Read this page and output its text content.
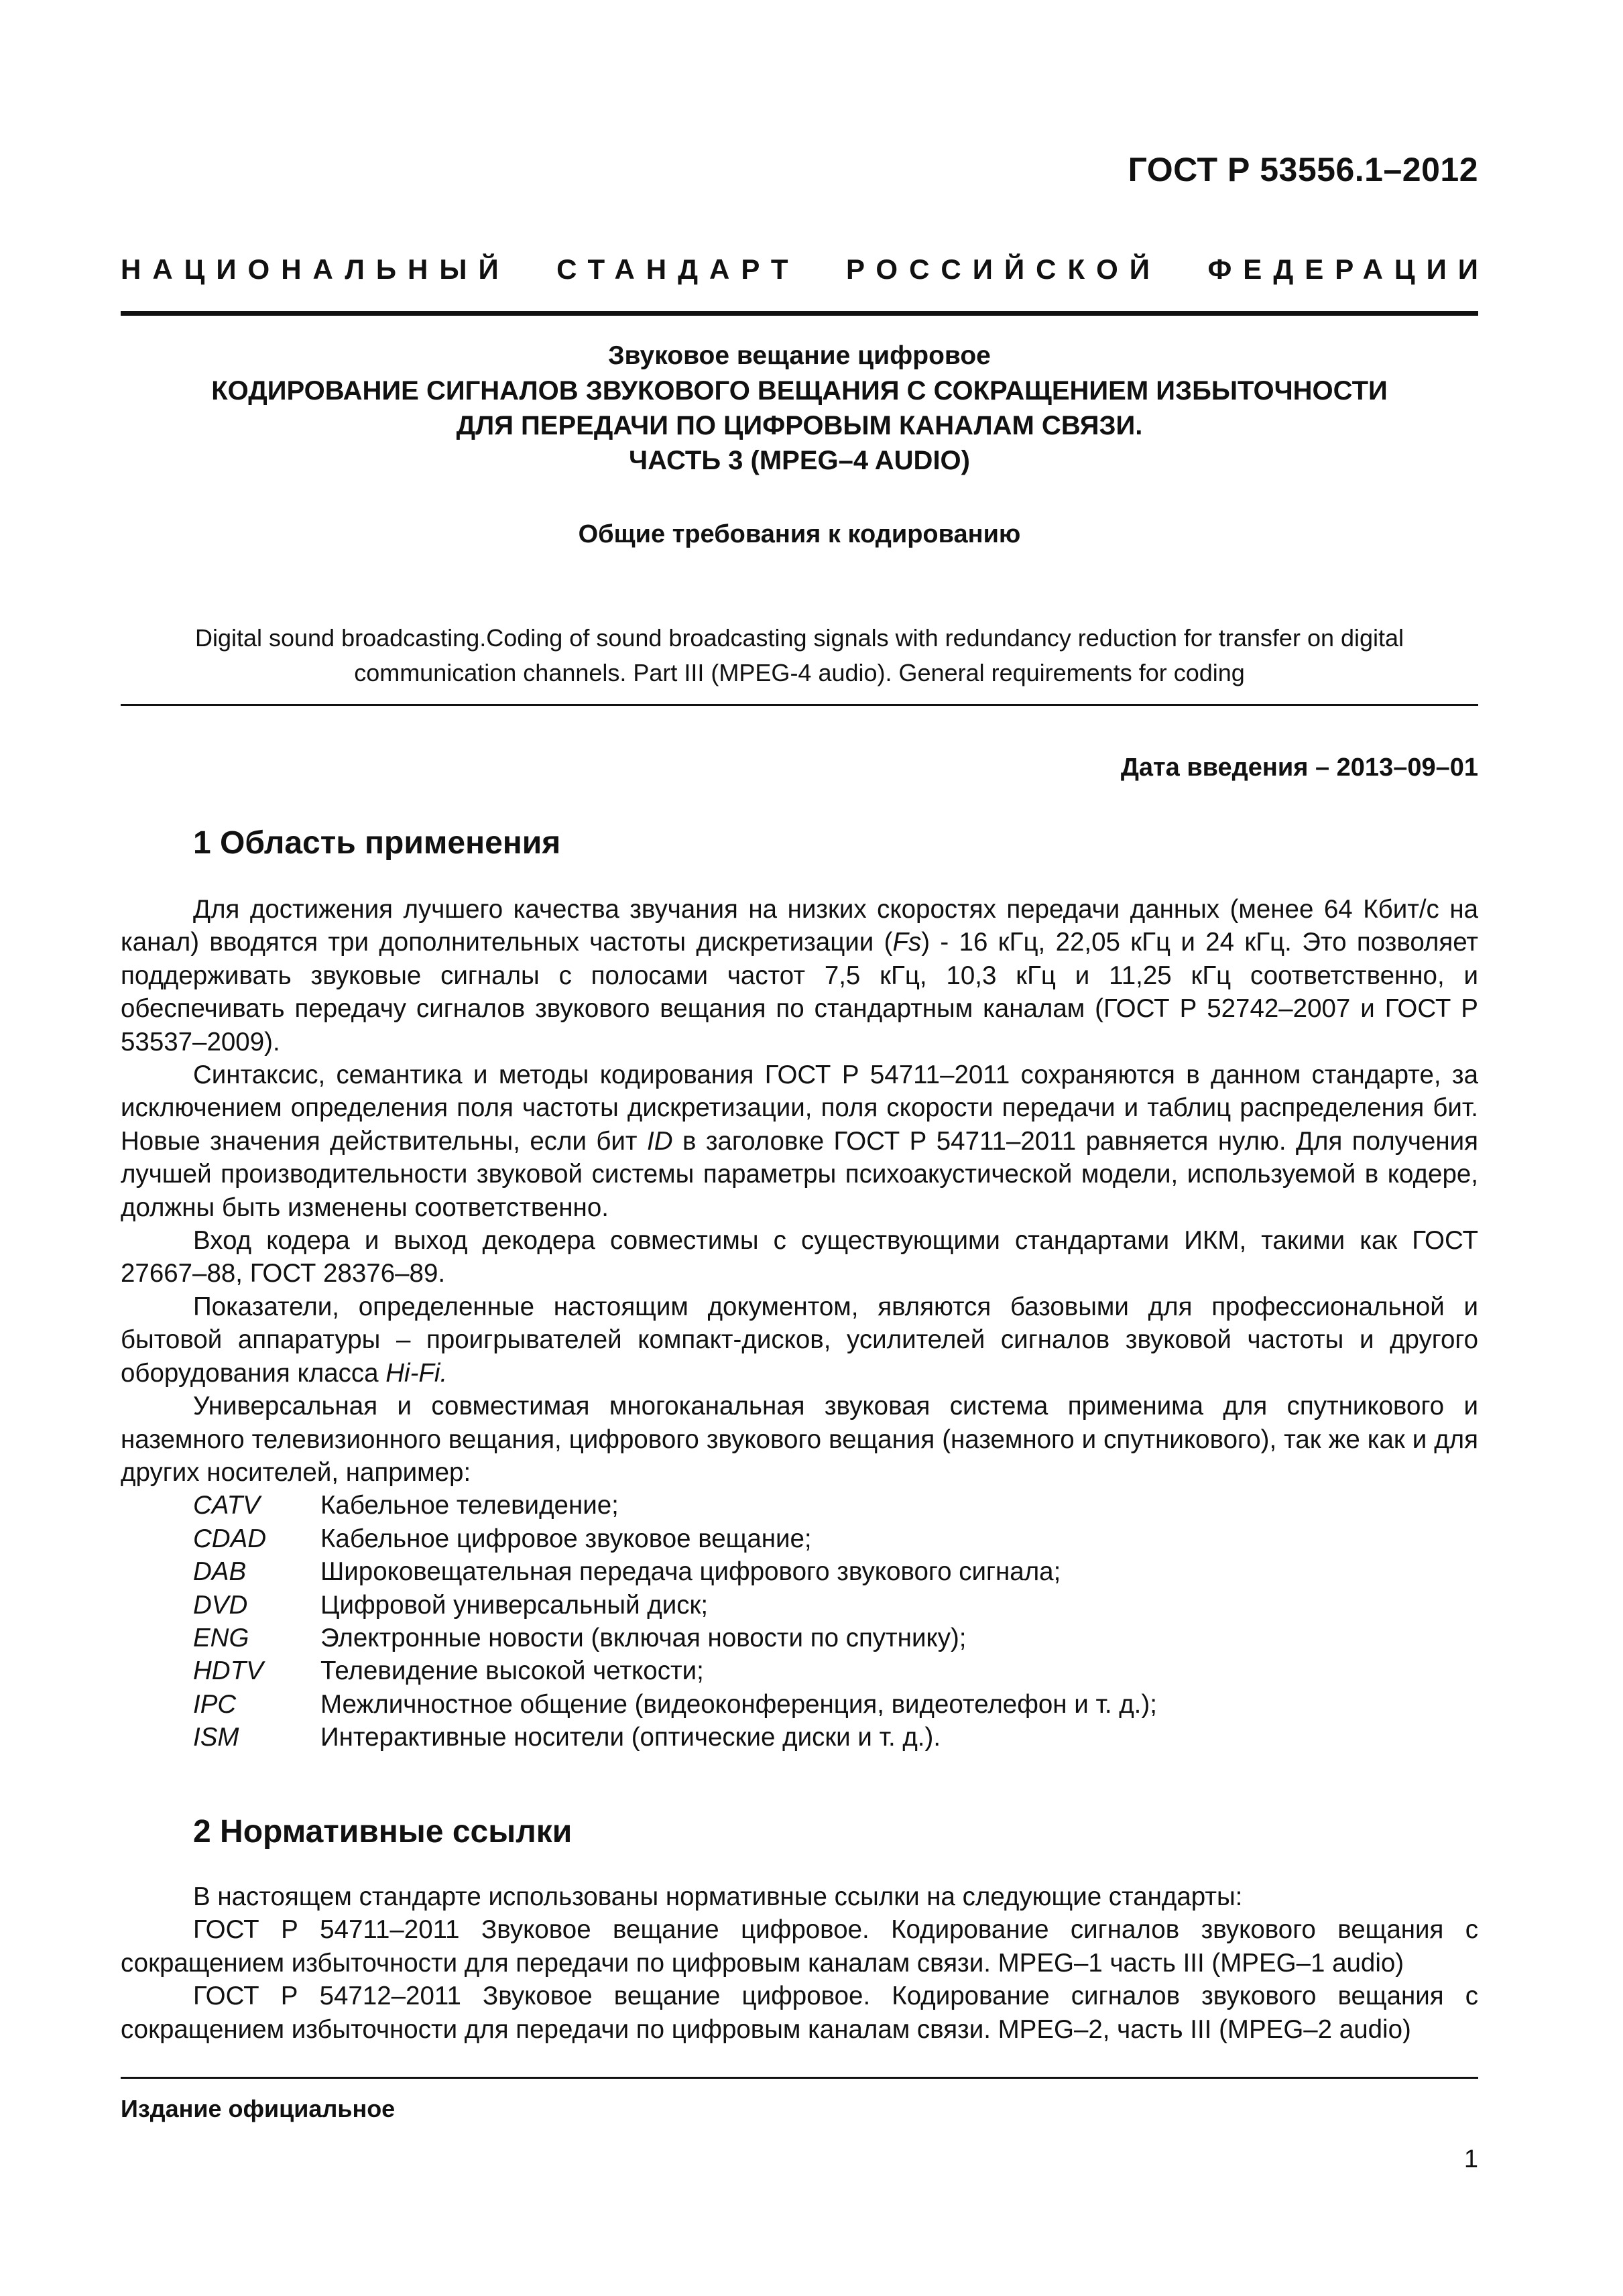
ГОСТ Р 53556.1–2012
НАЦИОНАЛЬНЫЙ СТАНДАРТ РОССИЙСКОЙ ФЕДЕРАЦИИ
Звуковое вещание цифровое
КОДИРОВАНИЕ СИГНАЛОВ ЗВУКОВОГО ВЕЩАНИЯ С СОКРАЩЕНИЕМ ИЗБЫТОЧНОСТИ
ДЛЯ ПЕРЕДАЧИ ПО ЦИФРОВЫМ КАНАЛАМ СВЯЗИ.
ЧАСТЬ 3 (MPEG–4 AUDIO)
Общие требования к кодированию
Digital sound broadcasting.Coding of sound broadcasting signals with redundancy reduction for transfer on digital
communication channels. Part III (MPEG-4 audio). General requirements for coding
Дата введения – 2013–09–01
1 Область применения

Для достижения лучшего качества звучания на низких скоростях передачи данных (менее 64 Кбит/с на канал) вводятся три дополнительных частоты дискретизации (Fs) - 16 кГц, 22,05 кГц и 24 кГц. Это позволяет поддерживать звуковые сигналы с полосами частот 7,5 кГц, 10,3 кГц и 11,25 кГц соответственно, и обеспечивать передачу сигналов звукового вещания по стандартным каналам (ГОСТ Р 52742–2007 и ГОСТ Р 53537–2009).

Синтаксис, семантика и методы кодирования ГОСТ Р 54711–2011 сохраняются в данном стандарте, за исключением определения поля частоты дискретизации, поля скорости передачи и таблиц распределения бит. Новые значения действительны, если бит ID в заголовке ГОСТ Р 54711–2011 равняется нулю. Для получения лучшей производительности звуковой системы параметры психоакустической модели, используемой в кодере, должны быть изменены соответственно.

Вход кодера и выход декодера совместимы с существующими стандартами ИКМ, такими как ГОСТ 27667–88, ГОСТ 28376–89.

Показатели, определенные настоящим документом, являются базовыми для профессиональной и бытовой аппаратуры – проигрывателей компакт-дисков, усилителей сигналов звуковой частоты и другого оборудования класса Hi-Fi.

Универсальная и совместимая многоканальная звуковая система применима для спутникового и наземного телевизионного вещания, цифрового звукового вещания (наземного и спутникового), так же как и для других носителей, например:

CATV	Кабельное телевидение;
CDAD	Кабельное цифровое звуковое вещание;
DAB	Широковещательная передача цифрового звукового сигнала;
DVD	Цифровой универсальный диск;
ENG	Электронные новости (включая новости по спутнику);
HDTV	Телевидение высокой четкости;
IPC	Межличностное общение (видеоконференция, видеотелефон и т. д.);
ISM	Интерактивные носители (оптические диски и т. д.).
2 Нормативные ссылки

В настоящем стандарте использованы нормативные ссылки на следующие стандарты:

ГОСТ Р 54711–2011 Звуковое вещание цифровое. Кодирование сигналов звукового вещания с сокращением избыточности для передачи по цифровым каналам связи. MPEG–1 часть III (MPEG–1 audio)

ГОСТ Р 54712–2011 Звуковое вещание цифровое. Кодирование сигналов звукового вещания с сокращением избыточности для передачи по цифровым каналам связи. MPEG–2, часть III (MPEG–2 audio)

Издание официальное
1
